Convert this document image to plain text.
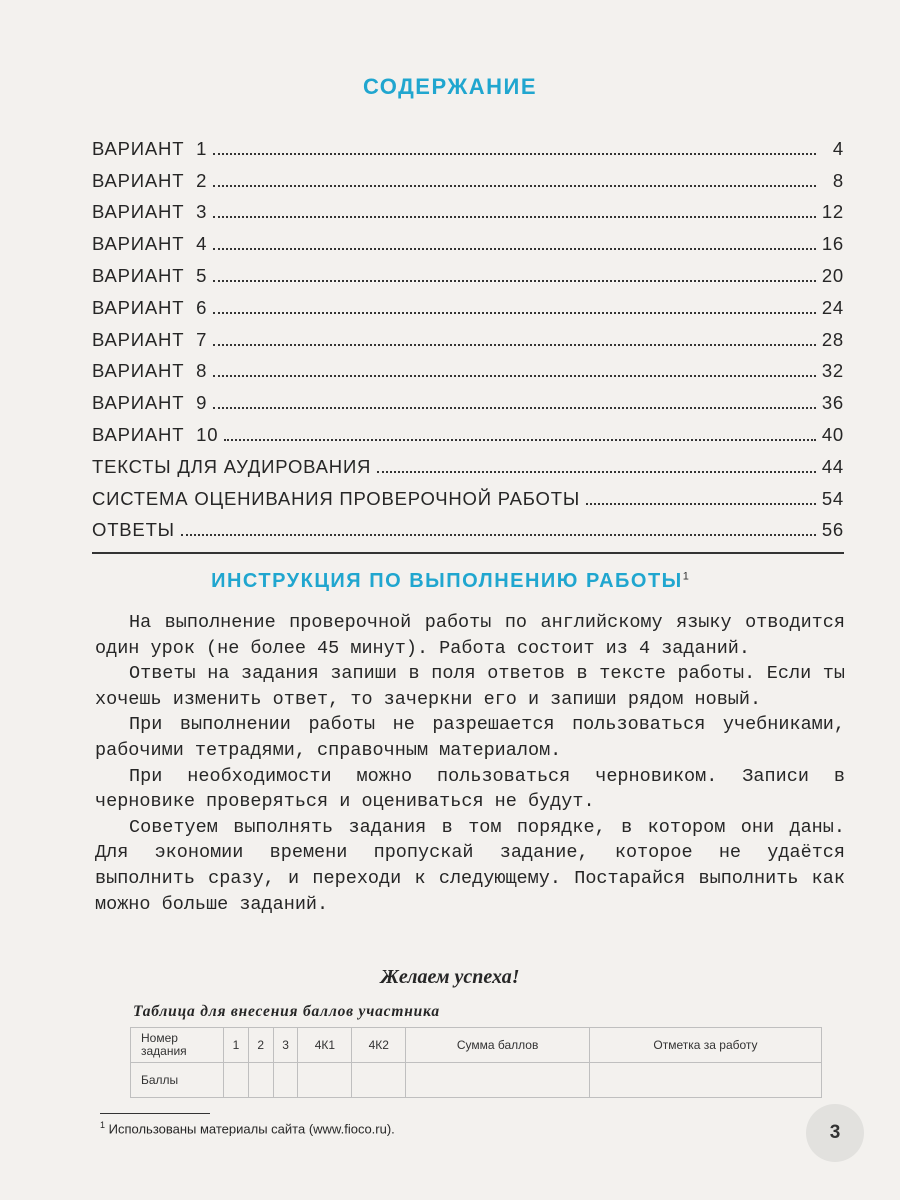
СОДЕРЖАНИЕ
ВАРИАНТ  1	4
ВАРИАНТ  2	8
ВАРИАНТ  3	12
ВАРИАНТ  4	16
ВАРИАНТ  5	20
ВАРИАНТ  6	24
ВАРИАНТ  7	28
ВАРИАНТ  8	32
ВАРИАНТ  9	36
ВАРИАНТ  10	40
ТЕКСТЫ ДЛЯ АУДИРОВАНИЯ	44
СИСТЕМА ОЦЕНИВАНИЯ ПРОВЕРОЧНОЙ РАБОТЫ	54
ОТВЕТЫ	56
ИНСТРУКЦИЯ ПО ВЫПОЛНЕНИЮ РАБОТЫ$^1$

На выполнение проверочной работы по английскому языку отводится один урок (не более 45 минут). Работа состоит из 4 заданий.

Ответы на задания запиши в поля ответов в тексте работы. Если ты хочешь изменить ответ, то зачеркни его и запиши рядом новый.

При выполнении работы не разрешается пользоваться учебниками, рабочими тетрадями, справочным материалом.

При необходимости можно пользоваться черновиком. Записи в черновике проверяться и оцениваться не будут.

Советуем выполнять задания в том порядке, в котором они даны. Для экономии времени пропускай задание, которое не удаётся выполнить сразу, и переходи к следующему. Постарайся выполнить как можно больше заданий.

Желаем успеха!
Таблица для внесения баллов участника
Номер задания	1	2	3	4К1	4К2	Сумма баллов	Отметка за работу
Баллы							
$^1$ Использованы материалы сайта (www.fioco.ru).	3
